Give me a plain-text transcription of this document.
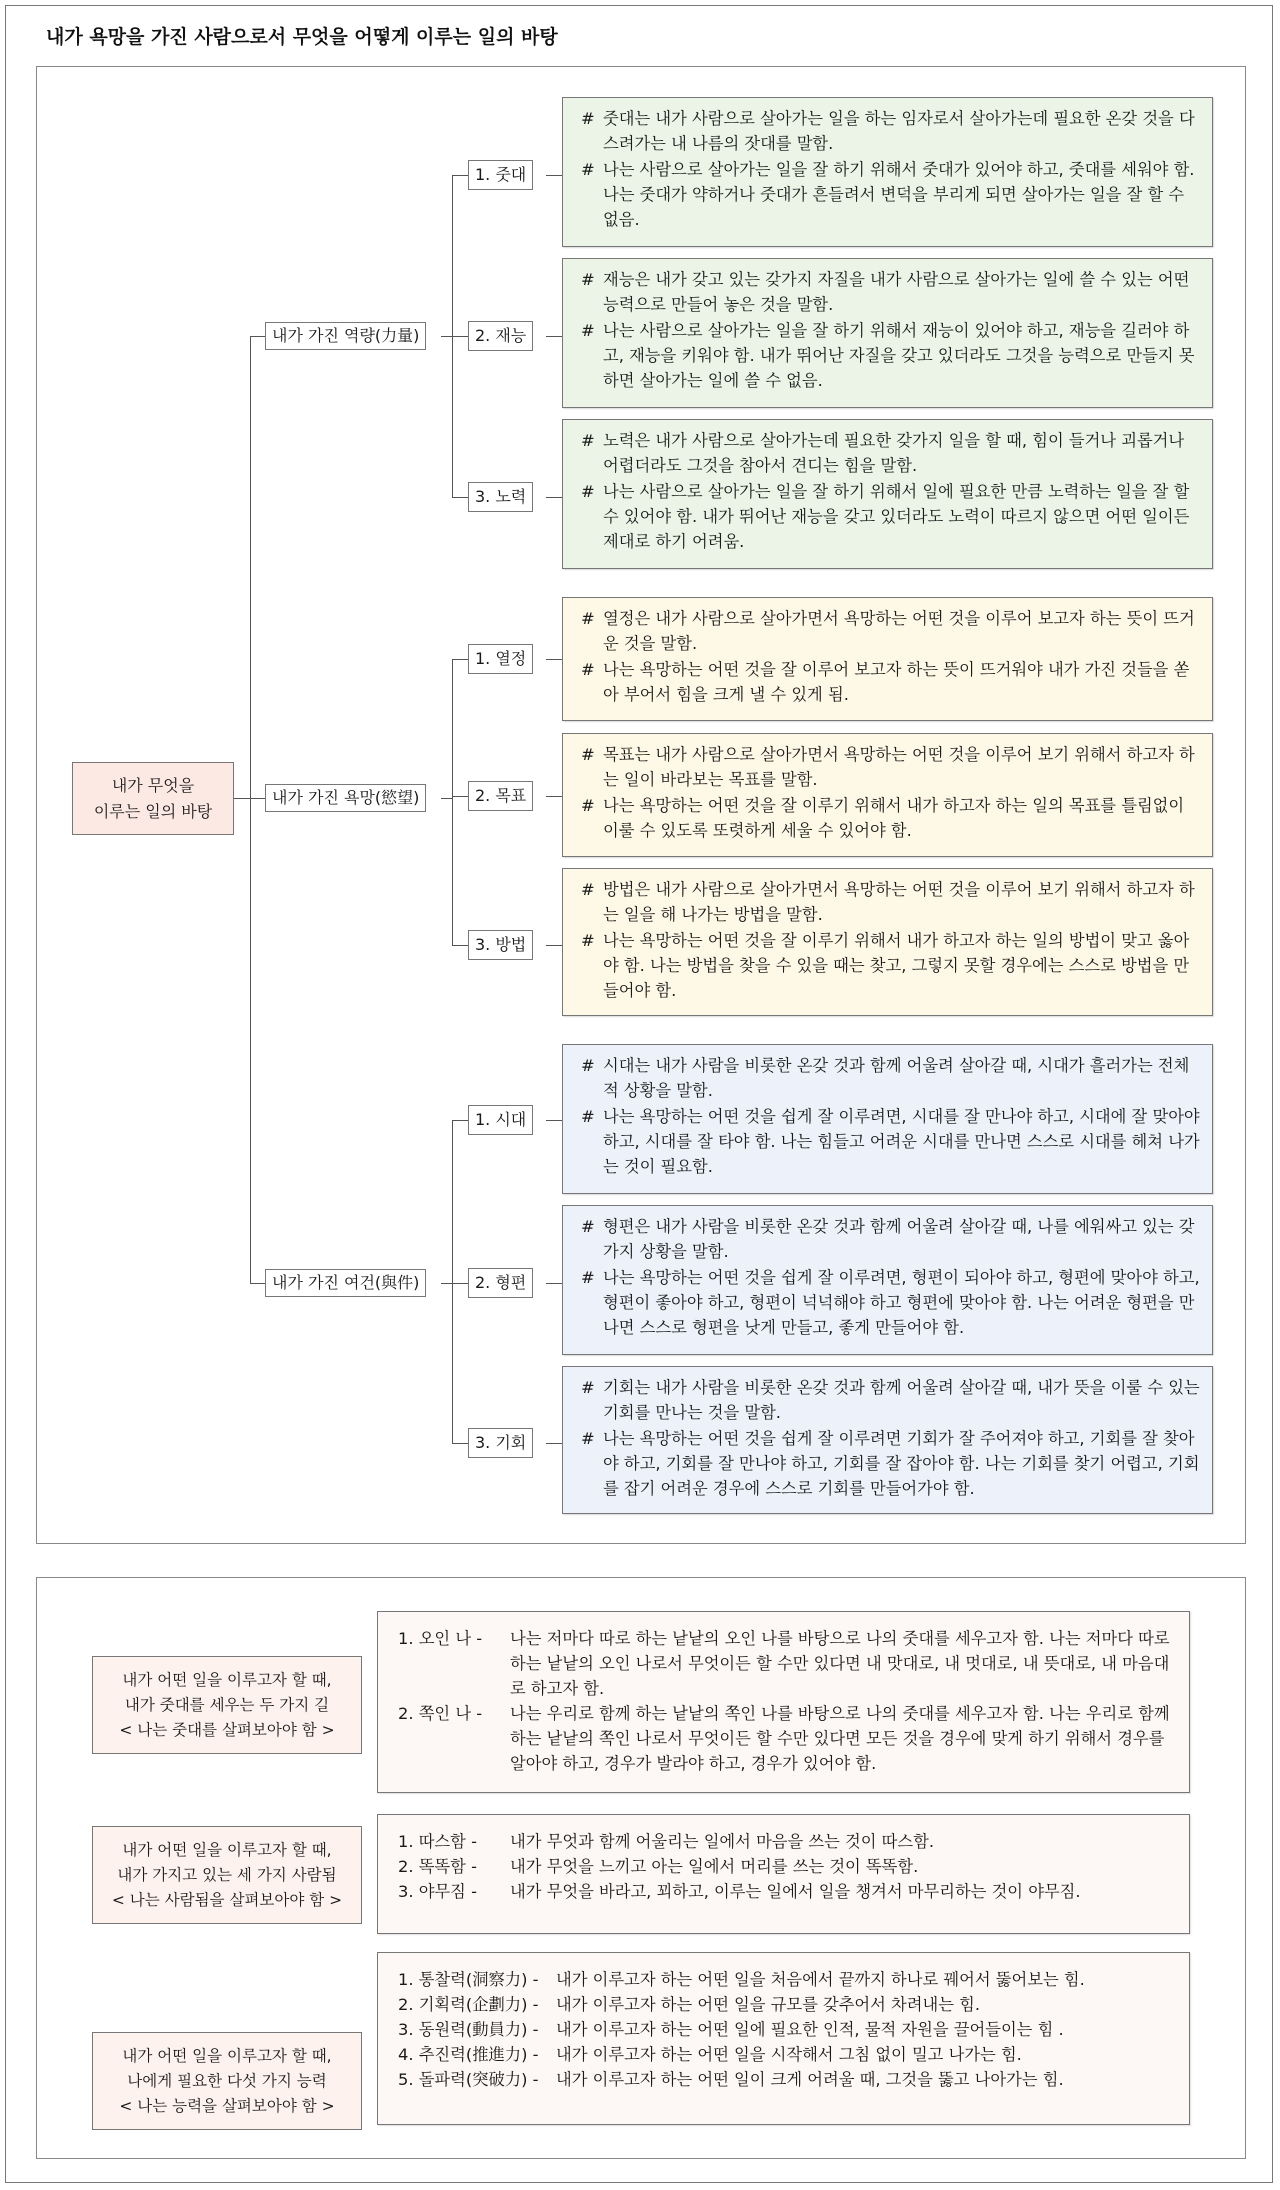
내가 욕망을 가진 사람으로서 무엇을 어떻게 이루는 일의 바탕
내가 무엇을
이루는 일의 바탕
내가 가진 역량(力量)
1. 줏대
# 줏대는 내가 사람으로 살아가는 일을 하는 임자로서 살아가는데 필요한 온갖 것을 다스려가는 내 나름의 잣대를 말함.
# 나는 사람으로 살아가는 일을 잘 하기 위해서 줏대가 있어야 하고, 줏대를 세워야 함. 나는 줏대가 약하거나 줏대가 흔들려서 변덕을 부리게 되면 살아가는 일을 잘 할 수 없음.
2. 재능
# 재능은 내가 갖고 있는 갖가지 자질을 내가 사람으로 살아가는 일에 쓸 수 있는 어떤 능력으로 만들어 놓은 것을 말함.
# 나는 사람으로 살아가는 일을 잘 하기 위해서 재능이 있어야 하고, 재능을 길러야 하고, 재능을 키워야 함. 내가 뛰어난 자질을 갖고 있더라도 그것을 능력으로 만들지 못하면 살아가는 일에 쓸 수 없음.
3. 노력
# 노력은 내가 사람으로 살아가는데 필요한 갖가지 일을 할 때, 힘이 들거나 괴롭거나 어렵더라도 그것을 참아서 견디는 힘을 말함.
# 나는 사람으로 살아가는 일을 잘 하기 위해서 일에 필요한 만큼 노력하는 일을 잘 할 수 있어야 함. 내가 뛰어난 재능을 갖고 있더라도 노력이 따르지 않으면 어떤 일이든 제대로 하기 어려움.
내가 가진 욕망(慾望)
1. 열정
# 열정은 내가 사람으로 살아가면서 욕망하는 어떤 것을 이루어 보고자 하는 뜻이 뜨거운 것을 말함.
# 나는 욕망하는 어떤 것을 잘 이루어 보고자 하는 뜻이 뜨거워야 내가 가진 것들을 쏟아 부어서 힘을 크게 낼 수 있게 됨.
2. 목표
# 목표는 내가 사람으로 살아가면서 욕망하는 어떤 것을 이루어 보기 위해서 하고자 하는 일이 바라보는 목표를 말함.
# 나는 욕망하는 어떤 것을 잘 이루기 위해서 내가 하고자 하는 일의 목표를 틀림없이 이룰 수 있도록 또렷하게 세울 수 있어야 함.
3. 방법
# 방법은 내가 사람으로 살아가면서 욕망하는 어떤 것을 이루어 보기 위해서 하고자 하는 일을 해 나가는 방법을 말함.
# 나는 욕망하는 어떤 것을 잘 이루기 위해서 내가 하고자 하는 일의 방법이 맞고 옳아야 함. 나는 방법을 찾을 수 있을 때는 찾고, 그렇지 못할 경우에는 스스로 방법을 만들어야 함.
내가 가진 여건(與件)
1. 시대
# 시대는 내가 사람을 비롯한 온갖 것과 함께 어울려 살아갈 때, 시대가 흘러가는 전체적 상황을 말함.
# 나는 욕망하는 어떤 것을 쉽게 잘 이루려면, 시대를 잘 만나야 하고, 시대에 잘 맞아야 하고, 시대를 잘 타야 함. 나는 힘들고 어려운 시대를 만나면 스스로 시대를 헤쳐 나가는 것이 필요함.
2. 형편
# 형편은 내가 사람을 비롯한 온갖 것과 함께 어울려 살아갈 때, 나를 에워싸고 있는 갖가지 상황을 말함.
# 나는 욕망하는 어떤 것을 쉽게 잘 이루려면, 형편이 되아야 하고, 형편에 맞아야 하고, 형편이 좋아야 하고, 형편이 넉넉해야 하고 형편에 맞아야 함. 나는 어려운 형편을 만나면 스스로 형편을 낫게 만들고, 좋게 만들어야 함.
3. 기회
# 기회는 내가 사람을 비롯한 온갖 것과 함께 어울려 살아갈 때, 내가 뜻을 이룰 수 있는 기회를 만나는 것을 말함.
# 나는 욕망하는 어떤 것을 쉽게 잘 이루려면 기회가 잘 주어져야 하고, 기회를 잘 찾아야 하고, 기회를 잘 만나야 하고, 기회를 잘 잡아야 함. 나는 기회를 찾기 어렵고, 기회를 잡기 어려운 경우에 스스로 기회를 만들어가야 함.
내가 어떤 일을 이루고자 할 때,
내가 줏대를 세우는 두 가지 길
< 나는 줏대를 살펴보아야 함 >
1. 오인 나 -	나는 저마다 따로 하는 낱낱의 오인 나를 바탕으로 나의 줏대를 세우고자 함. 나는 저마다 따로 하는 낱낱의 오인 나로서 무엇이든 할 수만 있다면 내 맛대로, 내 멋대로, 내 뜻대로, 내 마음대로 하고자 함.
2. 쪽인 나 -	나는 우리로 함께 하는 낱낱의 쪽인 나를 바탕으로 나의 줏대를 세우고자 함. 나는 우리로 함께 하는 낱낱의 쪽인 나로서 무엇이든 할 수만 있다면 모든 것을 경우에 맞게 하기 위해서 경우를 알아야 하고, 경우가 발라야 하고, 경우가 있어야 함.
내가 어떤 일을 이루고자 할 때,
내가 가지고 있는 세 가지 사람됨
< 나는 사람됨을 살펴보아야 함 >
1. 따스함 -	내가 무엇과 함께 어울리는 일에서 마음을 쓰는 것이 따스함.
2. 똑똑함 -	내가 무엇을 느끼고 아는 일에서 머리를 쓰는 것이 똑똑함.
3. 야무짐 -	내가 무엇을 바라고, 꾀하고, 이루는 일에서 일을 챙겨서 마무리하는 것이 야무짐.
내가 어떤 일을 이루고자 할 때,
나에게 필요한 다섯 가지 능력
< 나는 능력을 살펴보아야 함 >
1. 통찰력(洞察力) - 내가 이루고자 하는 어떤 일을 처음에서 끝까지 하나로 꿰어서 뚫어보는 힘.
2. 기획력(企劃力) - 내가 이루고자 하는 어떤 일을 규모를 갖추어서 차려내는 힘.
3. 동원력(動員力) - 내가 이루고자 하는 어떤 일에 필요한 인적, 물적 자원을 끌어들이는 힘 .
4. 추진력(推進力) - 내가 이루고자 하는 어떤 일을 시작해서 그침 없이 밀고 나가는 힘.
5. 돌파력(突破力) - 내가 이루고자 하는 어떤 일이 크게 어려울 때, 그것을 뚫고 나아가는 힘.
